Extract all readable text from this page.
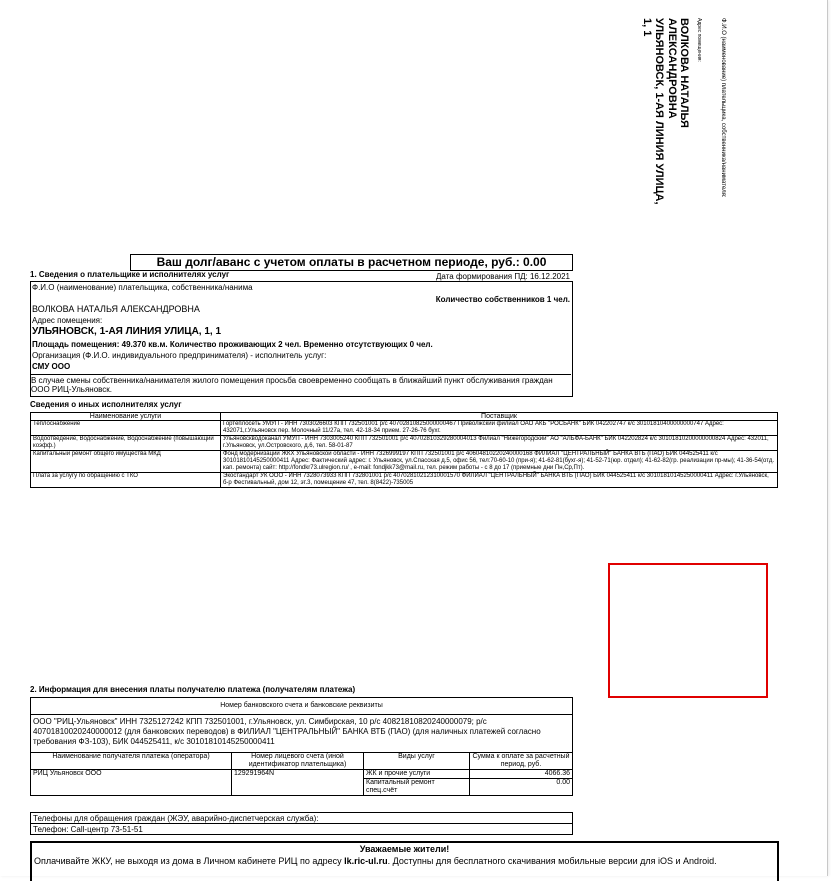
Ф.И.О (наименование) плательщика, собственника/нанимателя:
Адрес помещения:
ВОЛКОВА НАТАЛЬЯ
АЛЕКСАНДРОВНА
УЛЬЯНОВСК, 1-АЯ ЛИНИЯ УЛИЦА,
1, 1
Ваш долг/аванс с учетом оплаты в расчетном периоде, руб.: 0.00
1. Сведения о плательщике и исполнителях услуг
Ф.И.О (наименование) плательщика, собственника/нанима
Дата формирования ПД: 16.12.2021
Количество собственников 1 чел.
ВОЛКОВА НАТАЛЬЯ АЛЕКСАНДРОВНА
Адрес помещения:
УЛЬЯНОВСК, 1-АЯ ЛИНИЯ УЛИЦА, 1, 1
Площадь помещения: 49.370 кв.м. Количество проживающих 2 чел. Временно отсутствующих 0 чел.
Организация (Ф.И.О. индивидуального предпринимателя) - исполнитель услуг:
СМУ ООО
В случае смены собственника/нанимателя жилого помещения просьба своевременно сообщать в ближайший пункт обслуживания граждан ООО РИЦ-Ульяновск.
Сведения о иных исполнителях услуг
Наименование услуги	Поставщик
Теплоснабжение	Гортеплосеть УМУП - ИНН 7303026603 КПП 732501001 р/с 40702810825000000467 Приволжский филиал ОАО АКБ "РОСБАНК" БИК 042202747 к/с 30101810400000000747 Адрес: 432071,г.Ульяновск пер. Молочный 11/27а, тел. 42-18-34 прием. 27-26-76 бухг.
Водоотведение, Водоснабжение, Водоснабжение (повышающий коэфф.)	Ульяновскводоканал УМУП - ИНН 7303005240 КПП 732501001 р/с 40702810329280004013 Филиал "Нижегородский" АО "АЛЬФА-БАНК" БИК 042202824 к/с 30101810200000000824 Адрес: 432011, г.Ульяновск, ул.Островского, д.6, тел. 58-01-87
Капитальный ремонт общего имущества МКД	Фонд модернизации ЖКХ Ульяновской области - ИНН 7326999197 КПП 732501001 р/с 40604810220240000168 ФИЛИАЛ "ЦЕНТРАЛЬНЫЙ" БАНКА ВТБ (ПАО) БИК 044525411 к/с 30101810145250000411 Адрес: Фактический адрес: г. Ульяновск, ул.Спасская д.5, офис 56, тел:70-60-10 (при-я); 41-62-81(бухг-я); 41-52-71(юр. отдел); 41-62-82(гр. реализации пр-мы); 41-36-54(отд. кап. ремонта) сайт: http://fondkr73.ulregion.ru/ , e-mail: fondjkk73@mail.ru, тел. режим работы - с 8 до 17 (приемные дни Пн,Ср,Пт).
Плата за услугу по обращению с ТКО	Экостандарт УК ООО - ИНН 7328073933 КПП 732801001 р/с 40702810212310001570 ФИЛИАЛ "ЦЕНТРАЛЬНЫЙ" БАНКА ВТБ (ПАО) БИК 044525411 к/с 30101810145250000411 Адрес: г.Ульяновск, б-р Фестивальный, дом 12, эт.3, помещение 47, тел. 8(8422)-735005
2. Информация для внесения платы получателю платежа (получателям платежа)
Номер банковского счета и банковские реквизиты
ООО "РИЦ-Ульяновск" ИНН 7325127242 КПП 732501001, г.Ульяновск, ул. Симбирская, 10 р/с 40821810820240000079; р/с 40701810020240000012 (для банковских переводов) в ФИЛИАЛ "ЦЕНТРАЛЬНЫЙ" БАНКА ВТБ (ПАО) (для наличных платежей согласно требования ФЗ-103), БИК 044525411, к/с 30101810145250000411
Наименование получателя платежа (оператора)	Номер лицевого счета (иной идентификатор плательщика)	Виды услуг	Сумма к оплате за расчетный период, руб.
РИЦ Ульяновск ООО	129291964N	ЖК и прочие услуги	4066.36
		Капитальный ремонт спец.счёт	0.00
Телефоны для обращения граждан (ЖЭУ, аварийно-диспетчерская служба):
Телефон: Call-центр 73-51-51
Уважаемые жители!
Оплачивайте ЖКУ, не выходя из дома в Личном кабинете РИЦ по адресу lk.ric-ul.ru. Доступны для бесплатного скачивания мобильные версии для iOS и Android.
